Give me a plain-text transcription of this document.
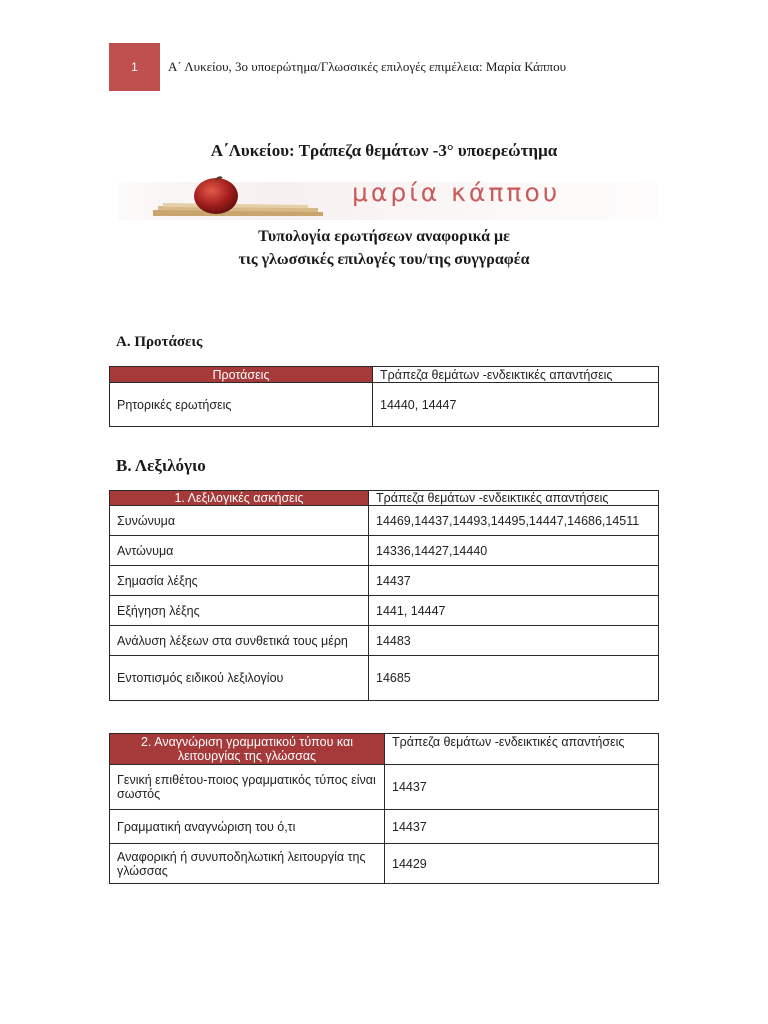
1 Α΄ Λυκείου, 3ο υποερώτημα/Γλωσσικές επιλογές επιμέλεια: Μαρία Κάππου
Α΄Λυκείου: Τράπεζα θεμάτων -3° υποερεώτημα
μαρία κάππου
Τυπολογία ερωτήσεων αναφορικά με
τις γλωσσικές επιλογές του/της συγγραφέα
Α. Προτάσεις
Προτάσεις	Τράπεζα θεμάτων -ενδεικτικές απαντήσεις
Ρητορικές ερωτήσεις	14440, 14447
Β. Λεξιλόγιο
1. Λεξιλογικές ασκήσεις	Τράπεζα θεμάτων -ενδεικτικές απαντήσεις
Συνώνυμα	14469,14437,14493,14495,14447,14686,14511
Αντώνυμα	14336,14427,14440
Σημασία λέξης	14437
Εξήγηση λέξης	1441, 14447
Ανάλυση λέξεων στα συνθετικά τους μέρη	14483
Εντοπισμός ειδικού λεξιλογίου	14685
2. Αναγνώριση γραμματικού τύπου και
λειτουργίας της γλώσσας	Τράπεζα θεμάτων -ενδεικτικές απαντήσεις

Γενική επιθέτου-ποιος γραμματικός τύπος είναι
σωστός	14437

Γραμματική αναγνώριση του ό,τι	14437

Αναφορική ή συνυποδηλωτική λειτουργία της
γλώσσας	14429
